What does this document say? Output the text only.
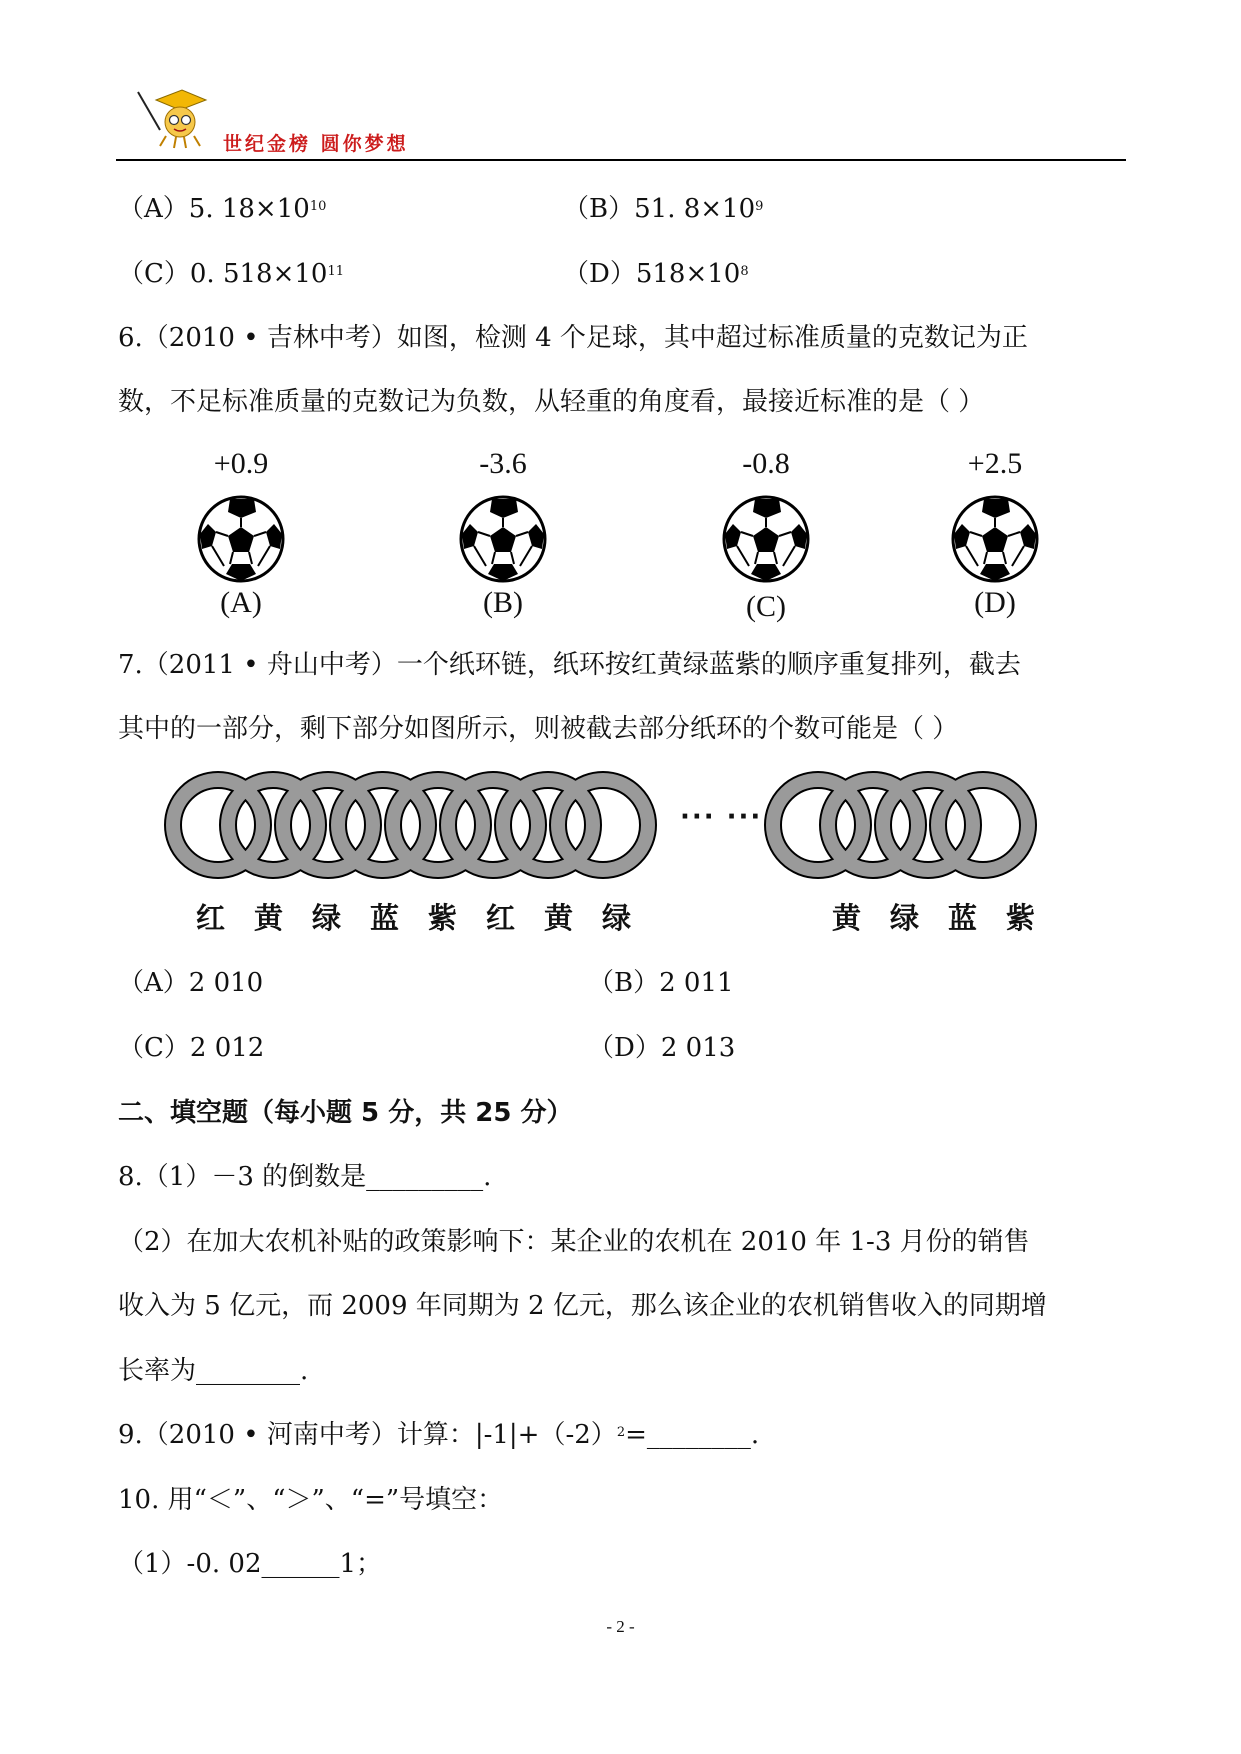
世纪金榜 圆你梦想
（A）5. $18\times 10^{10}$	（B）51. $8\times 10^9$
（C）0. $518\times 10^{11}$	$(D)518\times 10^8$
6.（2010 • 吉林中考）如图，检测 4 个足球，其中超过标准质量的克数记为正
数，不足标准质量的克数记为负数，从轻重的角度看，最接近标准的是（ ）
+0.9
(A)
-3.6
(B)
-0.8
(C)
+2.5
(D)
7.（2011 • 舟山中考）一个纸环链，纸环按红黄绿蓝紫的顺序重复排列，截去
其中的一部分，剩下部分如图所示，则被截去部分纸环的个数可能是（ ）
··· ···
红 黄 绿 蓝 紫 红 黄 绿	黄 绿 蓝 紫
（A）2 010	（B）2 011
（C）2 012	（D）2 013
二、填空题（每小题 5 分，共 25 分）
8.（1）－3 的倒数是_________.
（2）在加大农机补贴的政策影响下：某企业的农机在 2010 年 1-3 月份的销售
收入为 5 亿元，而 2009 年同期为 2 亿元，那么该企业的农机销售收入的同期增
长率为________.
9.（2010 • 河南中考）计算：$|-1|+(-2)^2=\_\_\_\_\_\_\_\_$.
10. 用“＜”、“＞”、“=”号填空：
（1）-0. 02______1；
- 2 -
